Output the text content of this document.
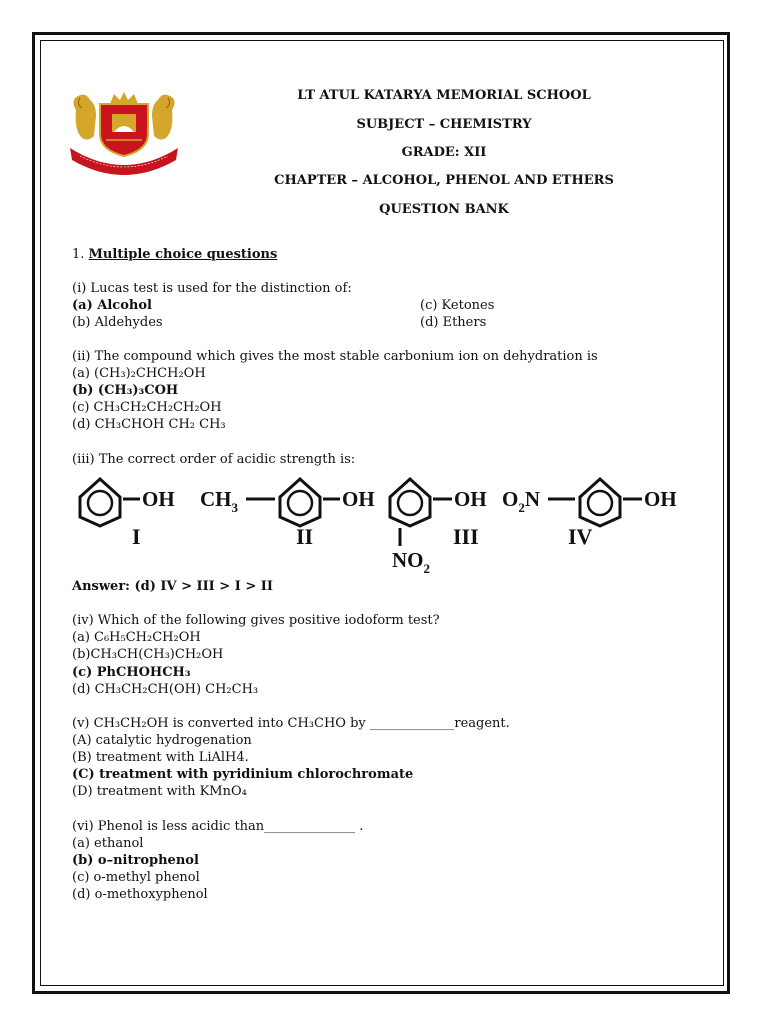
LT ATUL KATARYA MEMORIAL SCHOOL
SUBJECT – CHEMISTRY
GRADE: XII
CHAPTER – ALCOHOL, PHENOL AND ETHERS
QUESTION BANK
1. Multiple choice questions
(i) Lucas test is used for the distinction of:
(a) Alcohol
(b) Aldehydes
(c) Ketones
(d) Ethers
(ii) The compound which gives the most stable carbonium ion on dehydration is
(a) (CH₃)₂CHCH₂OH
(b) (CH₃)₃COH
(c) CH₃CH₂CH₂CH₂OH
(d) CH₃CHOH CH₂ CH₃
(iii) The correct order of acidic strength is:
OH $CH_3$	OH	OH $O_2N$	OH
$NO_2$
I	II	III	IV
Answer: (d) IV > III > I > II
(iv) Which of the following gives positive iodoform test?
(a) C₆H₅CH₂CH₂OH
(b)CH₃CH(CH₃)CH₂OH
(c) PhCHOHCH₃
(d) CH₃CH₂CH(OH) CH₂CH₃
(v) CH₃CH₂OH is converted into CH₃CHO by _____________reagent.
(A) catalytic hydrogenation
(B) treatment with LiAlH4.
(C) treatment with pyridinium chlorochromate
(D) treatment with KMnO₄
(vi) Phenol is less acidic than______________ .
(a) ethanol
(b) o–nitrophenol
(c) o-methyl phenol
(d) o-methoxyphenol
